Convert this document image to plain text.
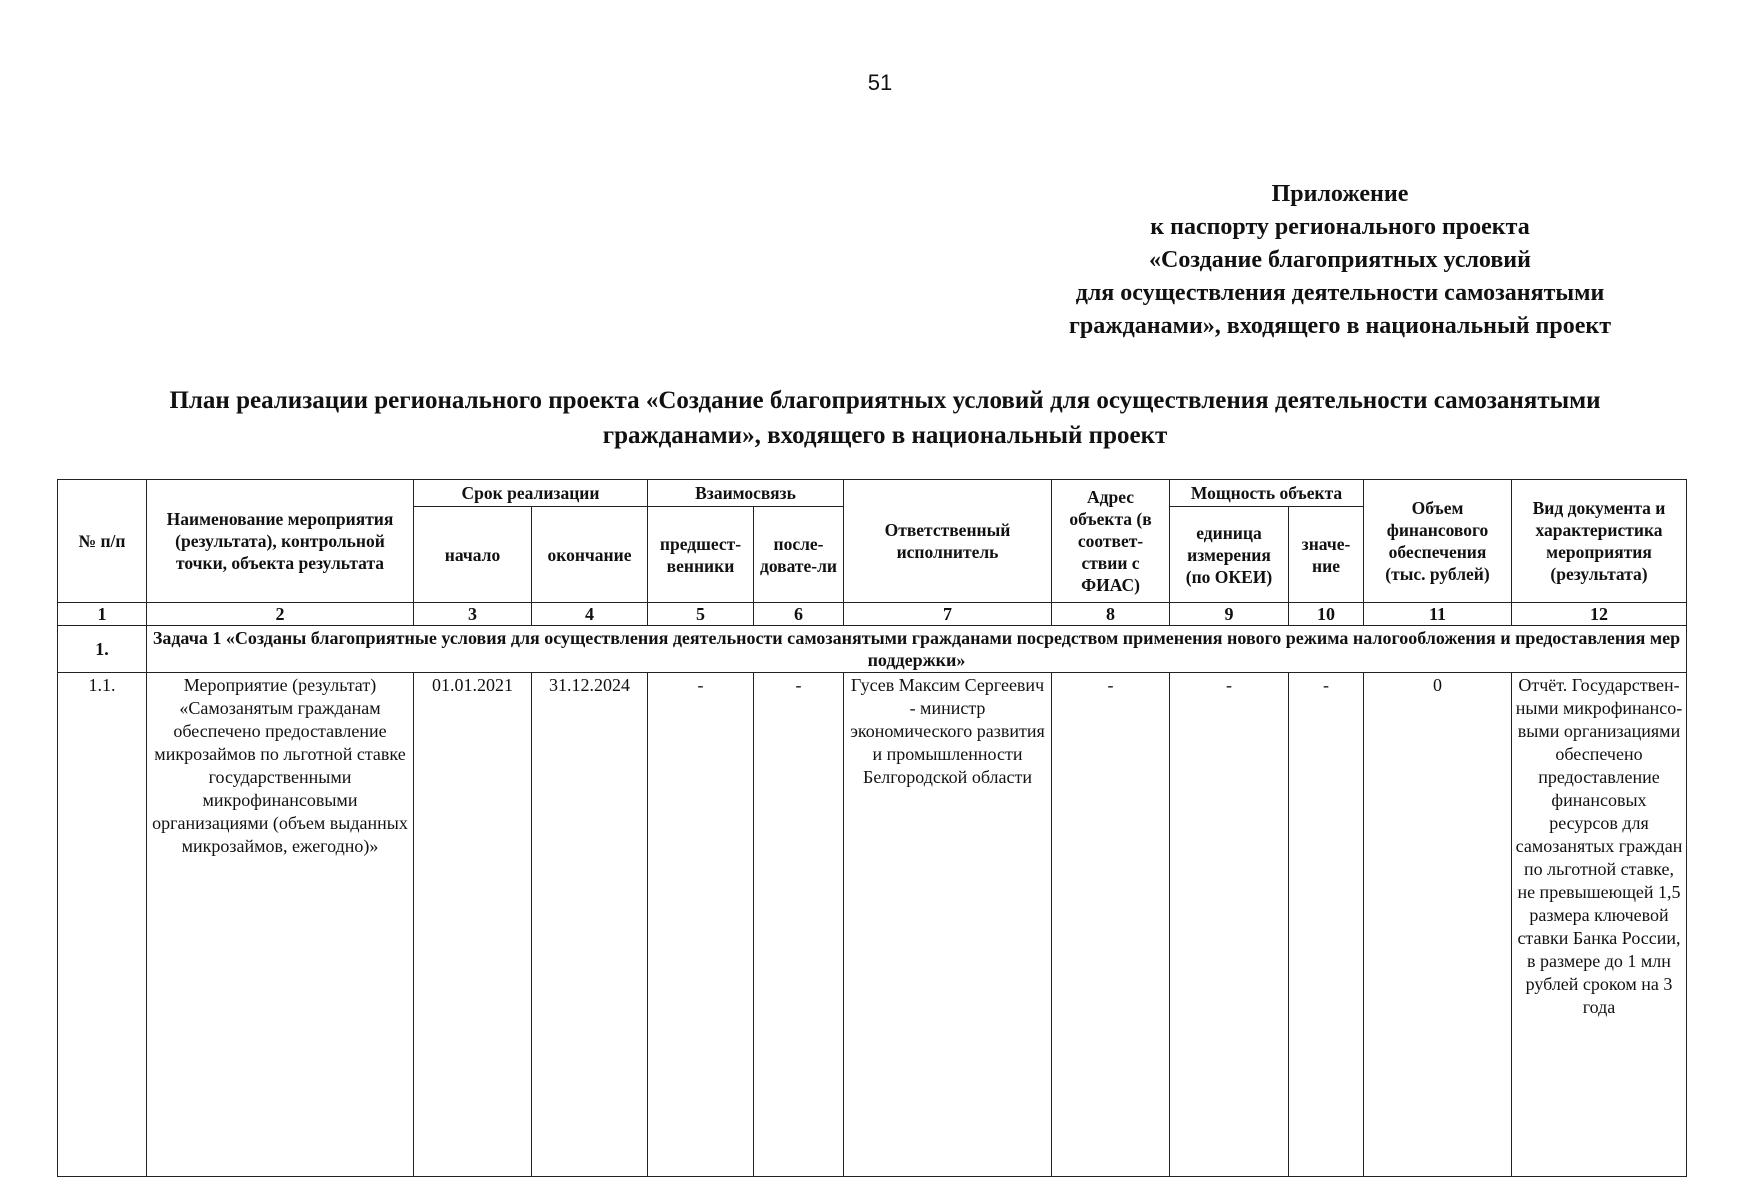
51
Приложение
к паспорту регионального проекта
«Создание благоприятных условий
для осуществления деятельности самозанятыми
гражданами», входящего в национальный проект
План реализации регионального проекта «Создание благоприятных условий для осуществления деятельности самозанятыми
гражданами», входящего в национальный проект
№ п/п	Наименование мероприятия (результата), контрольной точки, объекта результата	Срок реализации		Взаимосвязь		Ответственный исполнитель	Адрес объекта (в соответ-ствии с ФИАС)	Мощность объекта		Объем финансового обеспечения (тыс. рублей)	Вид документа и характеристика мероприятия (результата)
		начало	окончание	предшест-венники	после-довате-ли			единица измерения (по ОКЕИ)	значе-ние		
1	2	3	4	5	6	7	8	9	10	11	12
1.	Задача 1 «Созданы благоприятные условия для осуществления деятельности самозанятыми гражданами посредством применения нового режима налогообложения и предоставления мер поддержки»										
1.1.	Мероприятие (результат) «Самозанятым гражданам обеспечено предоставление микрозаймов по льготной ставке государственными микрофинансовыми организациями (объем выданных микрозаймов, ежегодно)»	01.01.2021	31.12.2024	-	-	Гусев Максим Сергеевич - министр экономического развития и промышленности Белгородской области	-	-	-	0	Отчёт. Государствен-ными микрофинансо-выми организациями обеспечено предоставление финансовых ресурсов для самозанятых граждан по льготной ставке, не превышеющей 1,5 размера ключевой ставки Банка России, в размере до 1 млн рублей сроком на 3 года
